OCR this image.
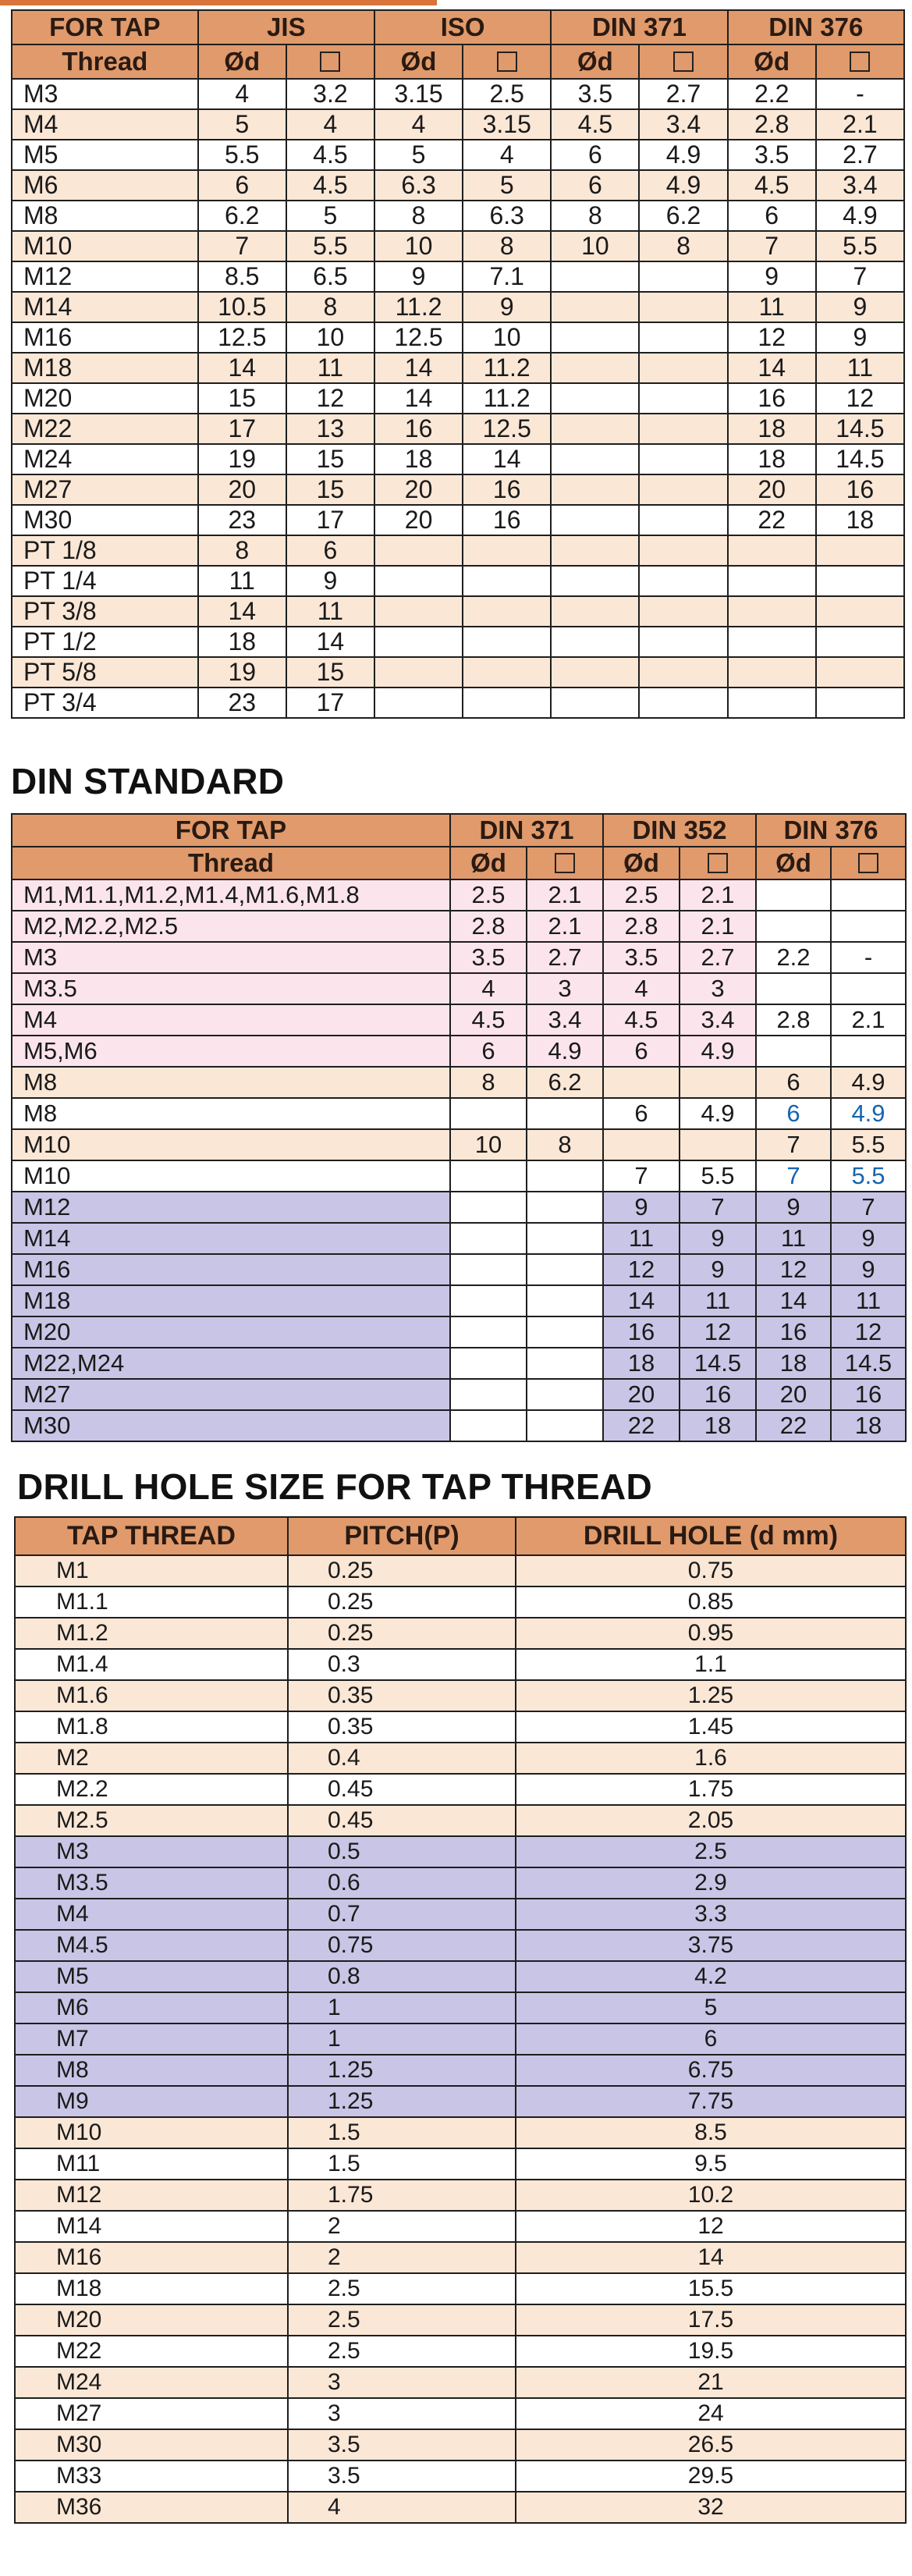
FOR TAP	JIS		ISO		DIN 371		DIN 376	
Thread	Ød		Ød		Ød		Ød	
M3	4	3.2	3.15	2.5	3.5	2.7	2.2	-
M4	5	4	4	3.15	4.5	3.4	2.8	2.1
M5	5.5	4.5	5	4	6	4.9	3.5	2.7
M6	6	4.5	6.3	5	6	4.9	4.5	3.4
M8	6.2	5	8	6.3	8	6.2	6	4.9
M10	7	5.5	10	8	10	8	7	5.5
M12	8.5	6.5	9	7.1			9	7
M14	10.5	8	11.2	9			11	9
M16	12.5	10	12.5	10			12	9
M18	14	11	14	11.2			14	11
M20	15	12	14	11.2			16	12
M22	17	13	16	12.5			18	14.5
M24	19	15	18	14			18	14.5
M27	20	15	20	16			20	16
M30	23	17	20	16			22	18
PT 1/8	8	6						
PT 1/4	11	9						
PT 3/8	14	11						
PT 1/2	18	14						
PT 5/8	19	15						
PT 3/4	23	17						
DIN STANDARD
FOR TAP	DIN 371		DIN 352		DIN 376	
Thread	Ød		Ød		Ød	
M1,M1.1,M1.2,M1.4,M1.6,M1.8	2.5	2.1	2.5	2.1		
M2,M2.2,M2.5	2.8	2.1	2.8	2.1		
M3	3.5	2.7	3.5	2.7	2.2	-
M3.5	4	3	4	3		
M4	4.5	3.4	4.5	3.4	2.8	2.1
M5,M6	6	4.9	6	4.9		
M8	8	6.2			6	4.9
M8			6	4.9	6	4.9
M10	10	8			7	5.5
M10			7	5.5	7	5.5
M12			9	7	9	7
M14			11	9	11	9
M16			12	9	12	9
M18			14	11	14	11
M20			16	12	16	12
M22,M24			18	14.5	18	14.5
M27			20	16	20	16
M30			22	18	22	18
DRILL HOLE SIZE FOR TAP THREAD
TAP THREAD	PITCH(P)	DRILL HOLE (d mm)
M1	0.25	0.75
M1.1	0.25	0.85
M1.2	0.25	0.95
M1.4	0.3	1.1
M1.6	0.35	1.25
M1.8	0.35	1.45
M2	0.4	1.6
M2.2	0.45	1.75
M2.5	0.45	2.05
M3	0.5	2.5
M3.5	0.6	2.9
M4	0.7	3.3
M4.5	0.75	3.75
M5	0.8	4.2
M6	1	5
M7	1	6
M8	1.25	6.75
M9	1.25	7.75
M10	1.5	8.5
M11	1.5	9.5
M12	1.75	10.2
M14	2	12
M16	2	14
M18	2.5	15.5
M20	2.5	17.5
M22	2.5	19.5
M24	3	21
M27	3	24
M30	3.5	26.5
M33	3.5	29.5
M36	4	32
